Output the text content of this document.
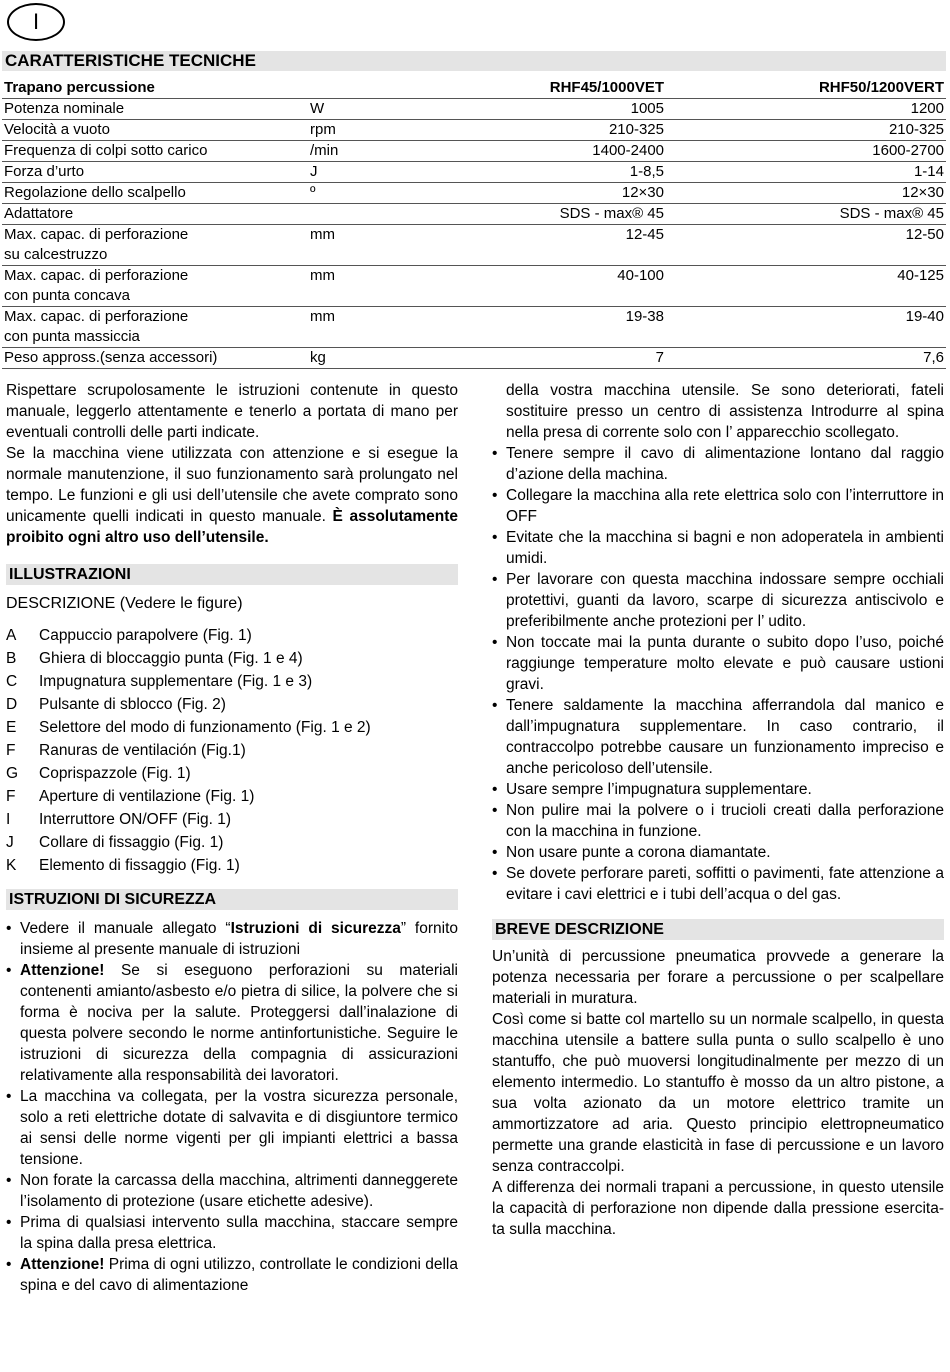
I
CARATTERISTICHE TECNICHE
Trapano percussione		RHF45/1000VET	RHF50/1200VERT
Potenza nominale	W	1005	1200
Velocità a vuoto	rpm	210-325	210-325
Frequenza di colpi sotto carico	/min	1400-2400	1600-2700
Forza d’urto	J	1-8,5	1-14
Regolazione dello scalpello	º	12×30	12×30
Adattatore		SDS - max® 45	SDS - max® 45
Max. capac. di perforazione
su calcestruzzo	mm	12-45	12-50
Max. capac. di perforazione
con punta concava	mm	40-100	40-125
Max. capac. di perforazione
con punta massiccia	mm	19-38	19-40
Peso appross.(senza accessori)	kg	7	7,6

Rispettare scrupolosamente le istruzioni contenute in questo manuale, leggerlo attentamente e tenerlo a portata di mano per eventuali controlli delle parti indicate.

Se la macchina viene utilizzata con attenzione e si esegue la normale manutenzione, il suo funzionamento sarà prolungato nel tempo. Le funzioni e gli usi dell’utensile che avete comprato sono unicamente quelli indicati in questo manuale. È assolutamente proibito ogni altro uso dell’utensile.

ILLUSTRAZIONI
DESCRIZIONE (Vedere le figure)
A	Cappuccio parapolvere (Fig. 1)
B	Ghiera di bloccaggio punta (Fig. 1 e 4)
C	Impugnatura supplementare (Fig. 1 e 3)
D	Pulsante di sblocco (Fig. 2)
E	Selettore del modo di funzionamento (Fig. 1 e 2)
F	Ranuras de ventilación (Fig.1)
G	Coprispazzole (Fig. 1)
F	Aperture di ventilazione (Fig. 1)
I	Interruttore ON/OFF (Fig. 1)
J	Collare di fissaggio (Fig. 1)
K	Elemento di fissaggio (Fig. 1)
ISTRUZIONI DI SICUREZZA
• Vedere il manuale allegato “Istruzioni di sicurezza” fornito insieme al presente manuale di istruzioni
• Attenzione! Se si eseguono perforazioni su materiali contenenti amianto/asbesto e/o pietra di silice, la polvere che si forma è nociva per la salute. Proteggersi dall’inalazione di questa polvere secondo le norme antinfortunistiche. Seguire le istruzioni di sicurezza della compagnia di assicurazioni relativamente alla responsabilità dei lavoratori.
• La macchina va collegata, per la vostra sicurezza personale, solo a reti elettriche dotate di salvavita e di disgiuntore termico ai sensi delle norme vigenti per gli impianti elettrici a bassa tensione.
• Non forate la carcassa della macchina, altrimenti danneggerete l’isolamento di protezione (usare etichette adesive).
• Prima di qualsiasi intervento sulla macchina, staccare sempre la spina dalla presa elettrica.
• Attenzione! Prima di ogni utilizzo, controllate le condizioni della spina e del cavo di alimentazione

della vostra macchina utensile. Se sono deteriorati, fateli sostituire presso un centro di assistenza Introdurre al spina nella presa di corrente solo con l’ apparecchio scollegato.

• Tenere sempre il cavo di alimentazione lontano dal raggio d’azione della machina.
• Collegare la macchina alla rete elettrica solo con l’interruttore in OFF
• Evitate che la macchina si bagni e non adoperatela in ambienti umidi.
• Per lavorare con questa macchina indossare sempre occhiali protettivi, guanti da lavoro, scarpe di sicurezza antiscivolo e preferibilmente anche protezioni per l’ udito.
• Non toccate mai la punta durante o subito dopo l’uso, poiché raggiunge temperature molto elevate e può causare ustioni gravi.
• Tenere saldamente la macchina afferrandola dal manico e dall’impugnatura supplementare. In caso contrario, il contraccolpo potrebbe causare un funzionamento impreciso e anche pericoloso dell’utensile.
• Usare sempre l’impugnatura supplementare.
• Non pulire mai la polvere o i trucioli creati dalla perforazione con la macchina in funzione.
• Non usare punte a corona diamantate.
• Se dovete perforare pareti, soffitti o pavimenti, fate attenzione a evitare i cavi elettrici e i tubi dell’acqua o del gas.
BREVE DESCRIZIONE

Un’unità di percussione pneumatica provvede a generare la potenza necessaria per forare a percussione o per scalpellare materiali in muratura.

Così come si batte col martello su un normale scalpello, in questa macchina utensile a battere sulla punta o sullo scalpello è uno stantuffo, che può muoversi longitudinalmente per mezzo di un elemento intermedio. Lo stantuffo è mosso da un altro pistone, a sua volta azionato da un motore elettrico tramite un ammortizzatore ad aria. Questo principio elettropneumatico permette una grande elasticità in fase di percussione e un lavoro senza contraccolpi.

A differenza dei normali trapani a percussione, in questo utensile la capacità di perforazione non dipende dalla pressione esercita-ta sulla macchina.
